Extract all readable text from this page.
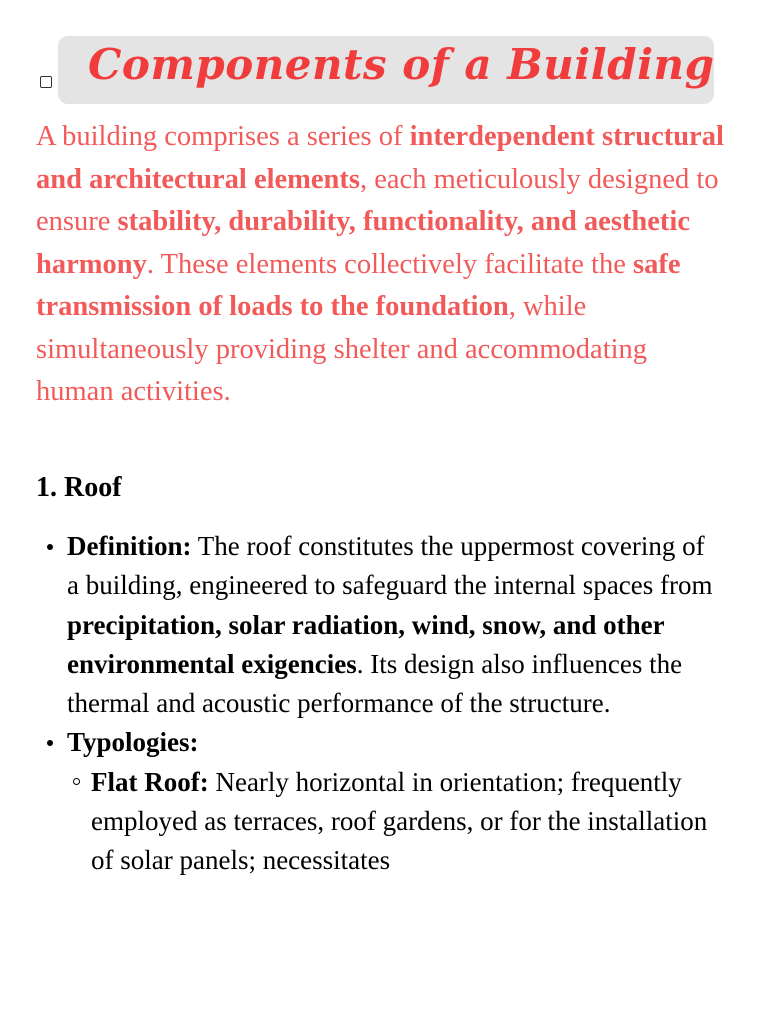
Components of a Building

A building comprises a series of interdependent structural and architectural elements, each meticulously designed to ensure stability, durability, functionality, and aesthetic harmony. These elements collectively facilitate the safe transmission of loads to the foundation, while simultaneously providing shelter and accommodating human activities.

1. Roof
Definition: The roof constitutes the uppermost covering of a building, engineered to safeguard the internal spaces from precipitation, solar radiation, wind, snow, and other environmental exigencies. Its design also influences the thermal and acoustic performance of the structure.
Typologies:
Flat Roof: Nearly horizontal in orientation; frequently employed as terraces, roof gardens, or for the installation of solar panels; necessitates
